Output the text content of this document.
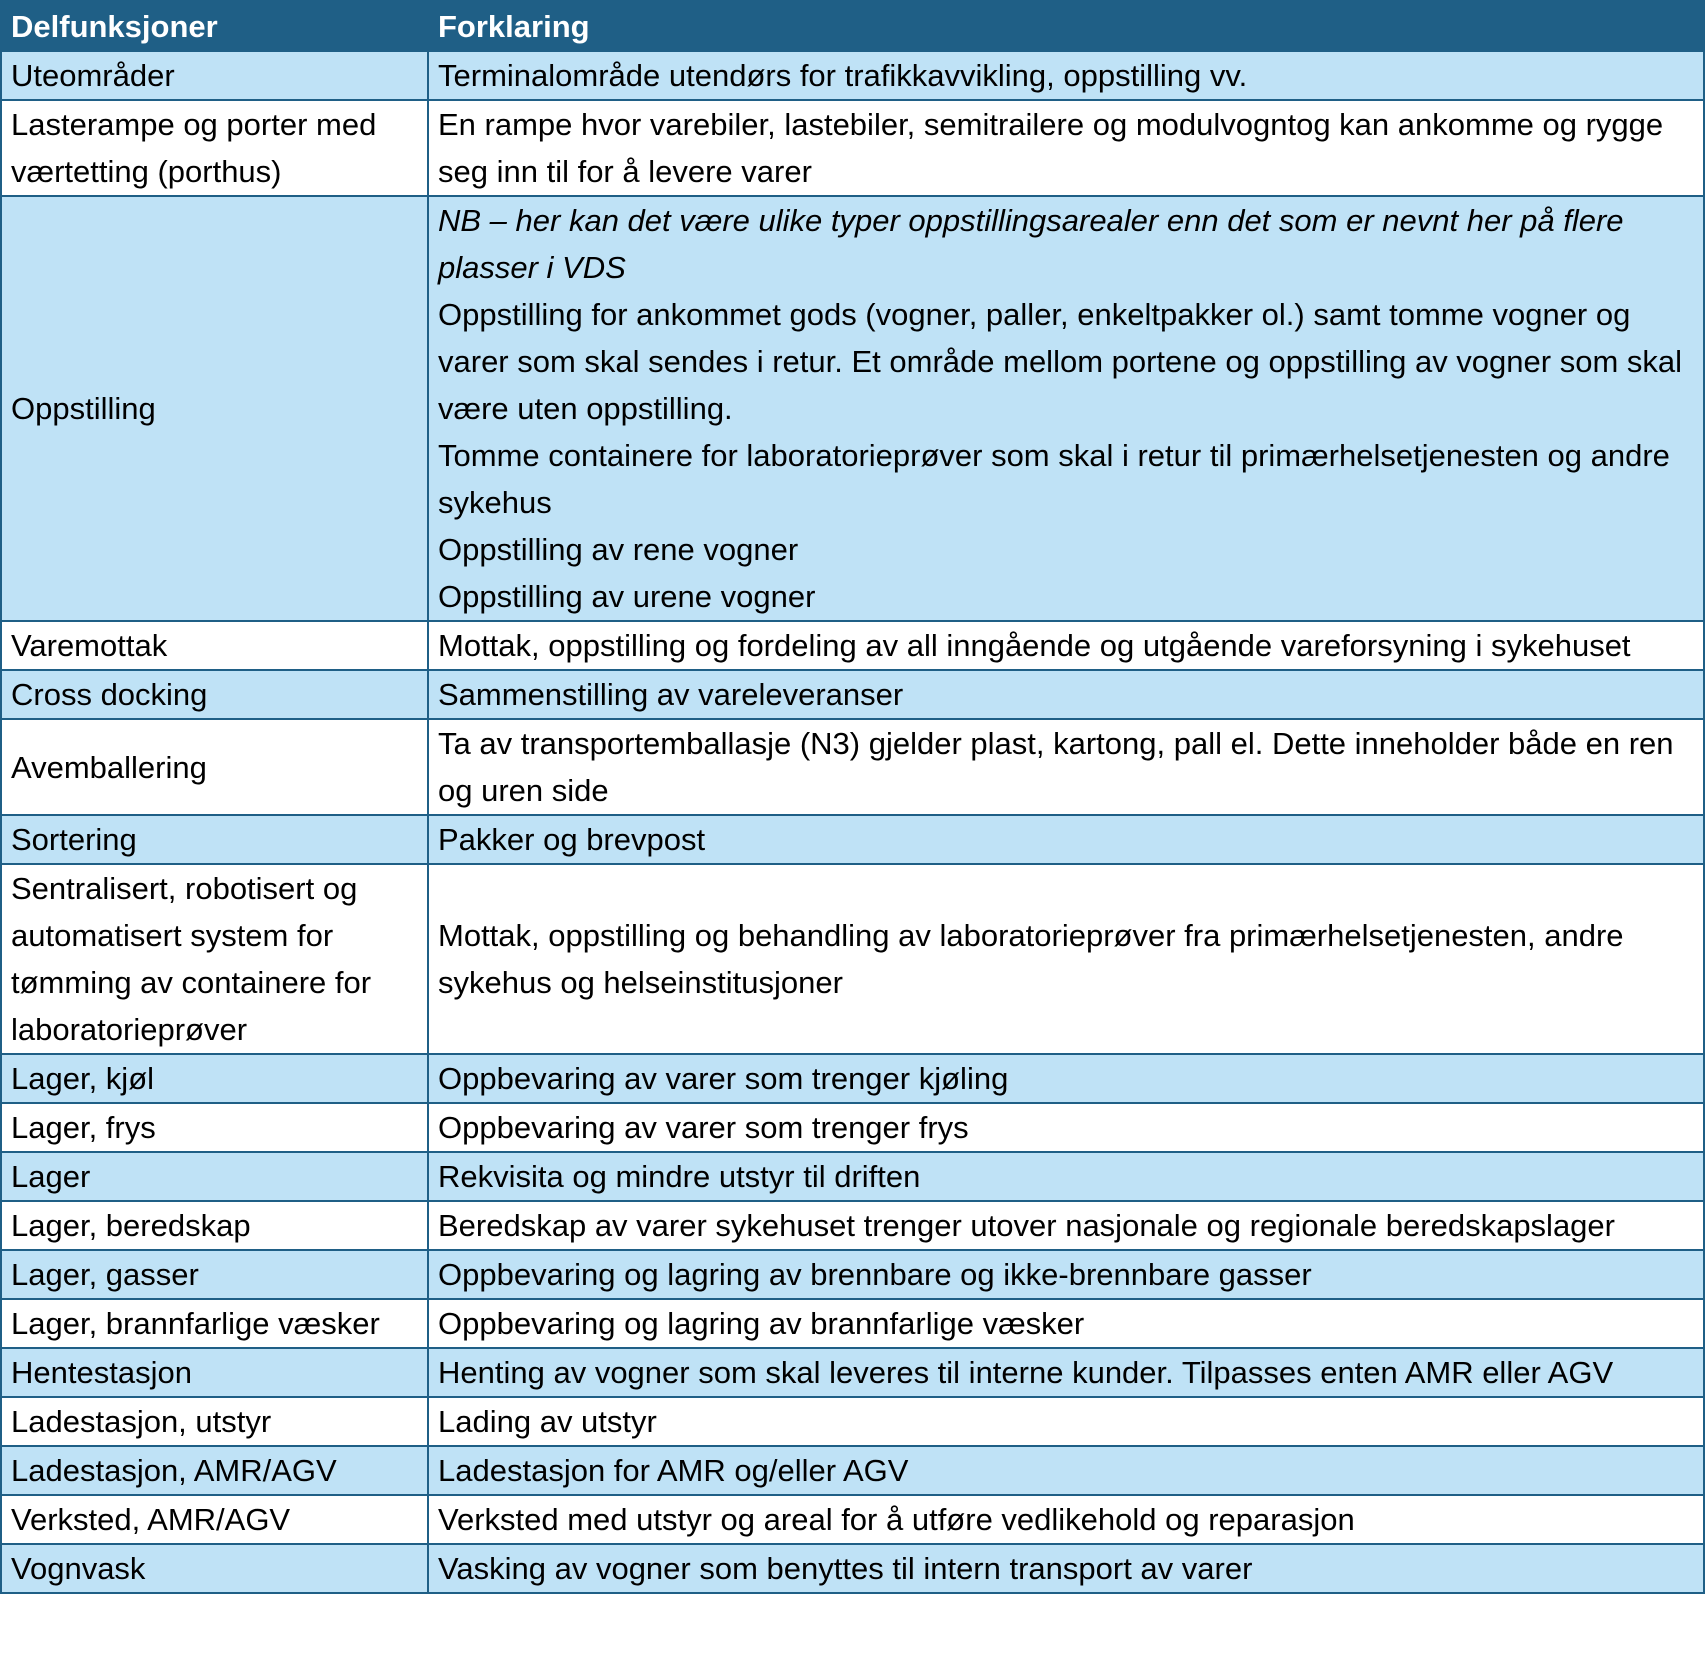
Delfunksjoner	Forklaring
Uteområder	Terminalområde utendørs for trafikkavvikling, oppstilling vv.

Lasterampe og porter med værtetting (porthus)	En rampe hvor varebiler, lastebiler, semitrailere og modulvogntog kan ankomme og rygge seg inn til for å levere varer

Oppstilling	NB – her kan det være ulike typer oppstillingsarealer enn det som er nevnt her på flere plasser i VDS
Oppstilling for ankommet gods (vogner, paller, enkeltpakker ol.) samt tomme vogner og varer som skal sendes i retur. Et område mellom portene og oppstilling av vogner som skal være uten oppstilling.
Tomme containere for laboratorieprøver som skal i retur til primærhelsetjenesten og andre sykehus
Oppstilling av rene vogner
Oppstilling av urene vogner

Varemottak	Mottak, oppstilling og fordeling av all inngående og utgående vareforsyning i sykehuset

Cross docking	Sammenstilling av vareleveranser

Avemballering	Ta av transportemballasje (N3) gjelder plast, kartong, pall el. Dette inneholder både en ren og uren side

Sortering	Pakker og brevpost

Sentralisert, robotisert og automatisert system for tømming av containere for laboratorieprøver	Mottak, oppstilling og behandling av laboratorieprøver fra primærhelsetjenesten, andre sykehus og helseinstitusjoner

Lager, kjøl	Oppbevaring av varer som trenger kjøling

Lager, frys	Oppbevaring av varer som trenger frys

Lager	Rekvisita og mindre utstyr til driften

Lager, beredskap	Beredskap av varer sykehuset trenger utover nasjonale og regionale beredskapslager

Lager, gasser	Oppbevaring og lagring av brennbare og ikke-brennbare gasser

Lager, brannfarlige væsker	Oppbevaring og lagring av brannfarlige væsker

Hentestasjon	Henting av vogner som skal leveres til interne kunder. Tilpasses enten AMR eller AGV

Ladestasjon, utstyr	Lading av utstyr

Ladestasjon, AMR/AGV	Ladestasjon for AMR og/eller AGV

Verksted, AMR/AGV	Verksted med utstyr og areal for å utføre vedlikehold og reparasjon

Vognvask	Vasking av vogner som benyttes til intern transport av varer
